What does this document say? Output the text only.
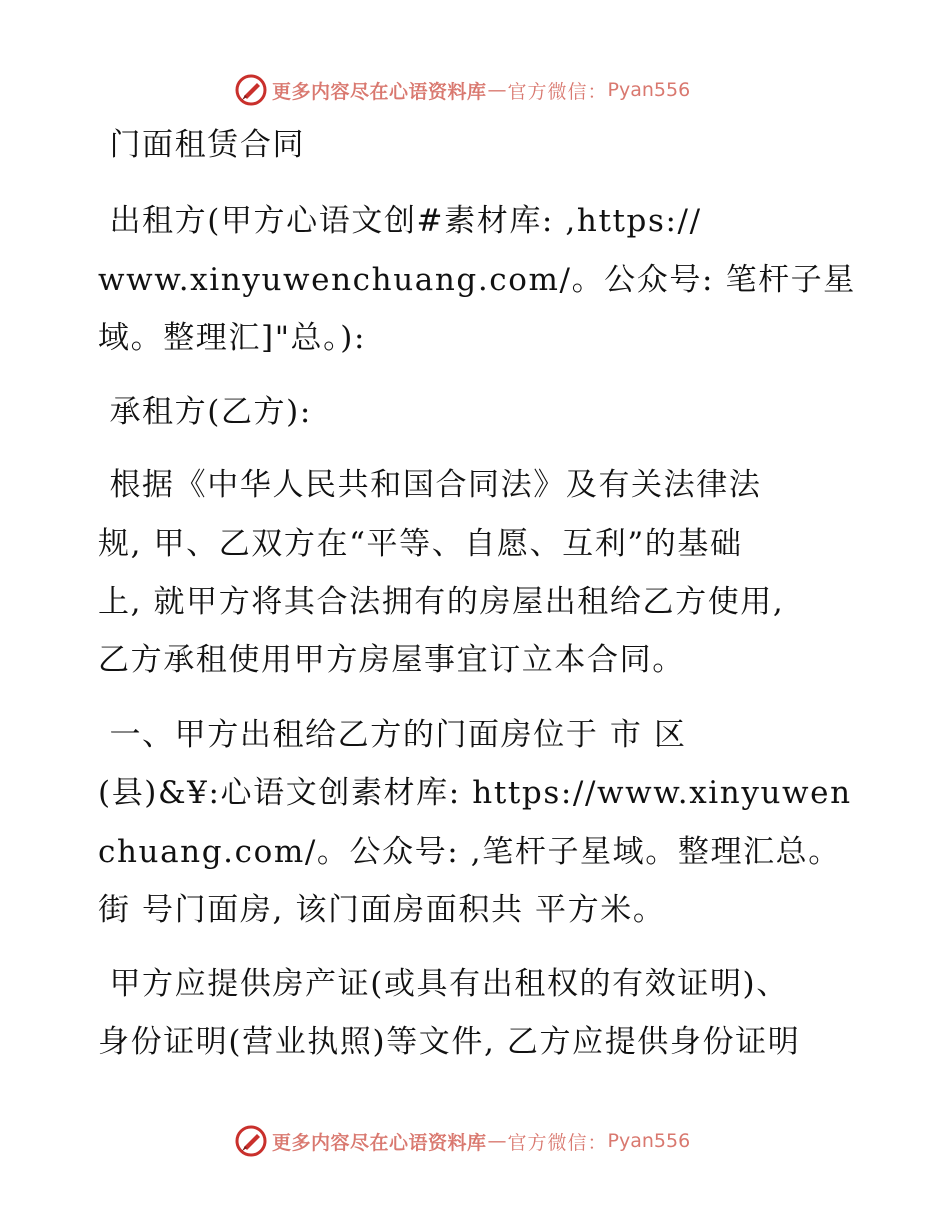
更多内容尽在心语资料库 — 官方微信： Pyan556
门面租赁合同
出租方(甲方心语文创#素材库: ,https://
www.xinyuwenchuang.com/。公众号: 笔杆子星
域。整理汇]"总。):
承租方(乙方):
根据《中华人民共和国合同法》及有关法律法
规, 甲、乙双方在“平等、自愿、互利”的基础
上, 就甲方将其合法拥有的房屋出租给乙方使用,
乙方承租使用甲方房屋事宜订立本合同。
一、甲方出租给乙方的门面房位于 市 区
(县)&¥:心语文创素材库: https://www.xinyuwen
chuang.com/。公众号: ,笔杆子星域。整理汇总。
街 号门面房, 该门面房面积共 平方米。
甲方应提供房产证(或具有出租权的有效证明)、
身份证明(营业执照)等文件, 乙方应提供身份证明
更多内容尽在心语资料库 — 官方微信： Pyan556
